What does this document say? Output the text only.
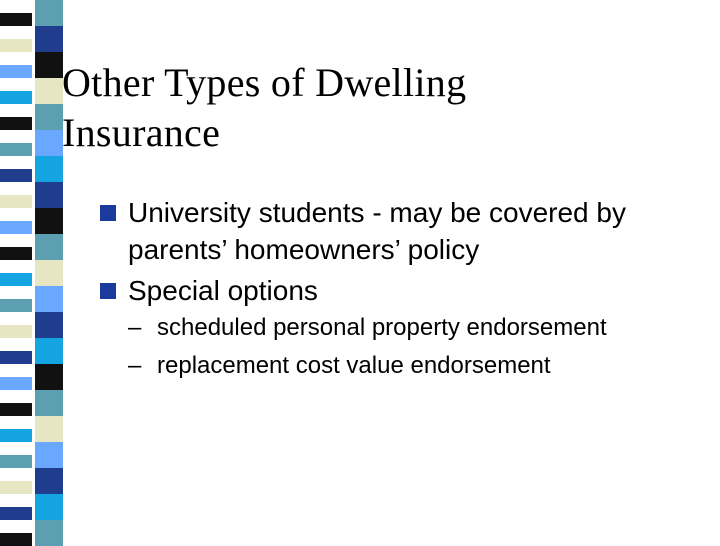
Other Types of Dwelling
Insurance
University students - may be covered by parents’ homeowners’ policy
Special options
– scheduled personal property endorsement
– replacement cost value endorsement
